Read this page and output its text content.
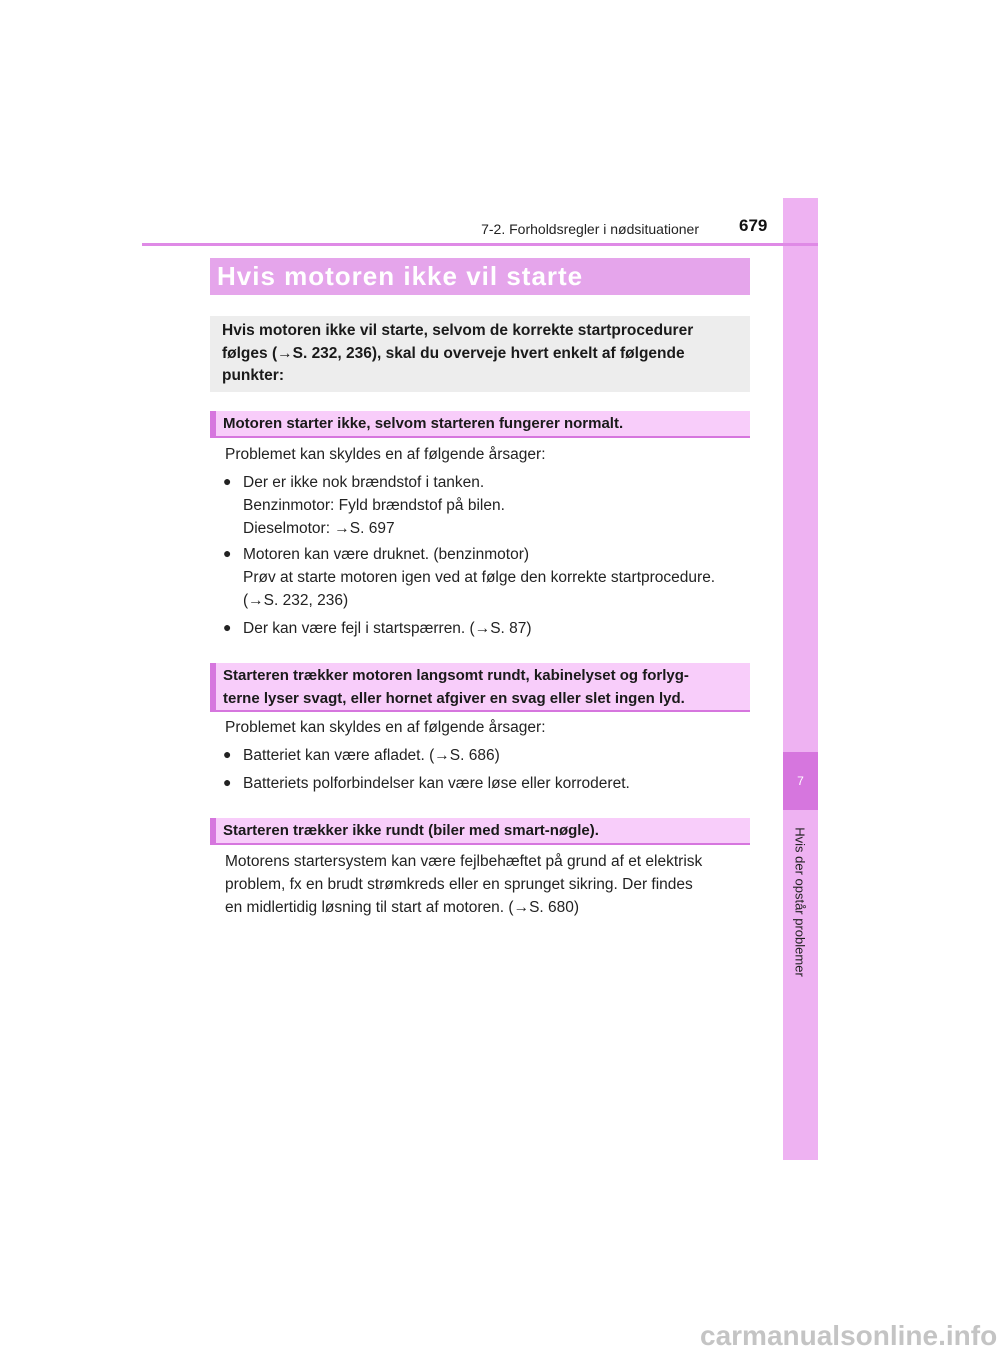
7
Hvis der opstår problemer
7-2. Forholdsregler i nødsituationer 679
Hvis motoren ikke vil starte
Hvis motoren ikke vil starte, selvom de korrekte startprocedurer
følges (→S. 232, 236), skal du overveje hvert enkelt af følgende
punkter:
Motoren starter ikke, selvom starteren fungerer normalt.
Problemet kan skyldes en af følgende årsager:
● Der er ikke nok brændstof i tanken.
Benzinmotor: Fyld brændstof på bilen.
Dieselmotor: →S. 697
● Motoren kan være druknet. (benzinmotor)
Prøv at starte motoren igen ved at følge den korrekte startprocedure.
(→S. 232, 236)
● Der kan være fejl i startspærren. (→S. 87)
Starteren trækker motoren langsomt rundt, kabinelyset og forlyg-
terne lyser svagt, eller hornet afgiver en svag eller slet ingen lyd.
Problemet kan skyldes en af følgende årsager:
● Batteriet kan være afladet. (→S. 686)
● Batteriets polforbindelser kan være løse eller korroderet.
Starteren trækker ikke rundt (biler med smart-nøgle).
Motorens startersystem kan være fejlbehæftet på grund af et elektrisk
problem, fx en brudt strømkreds eller en sprunget sikring. Der findes
en midlertidig løsning til start af motoren. (→S. 680)
carmanualsonline.info
